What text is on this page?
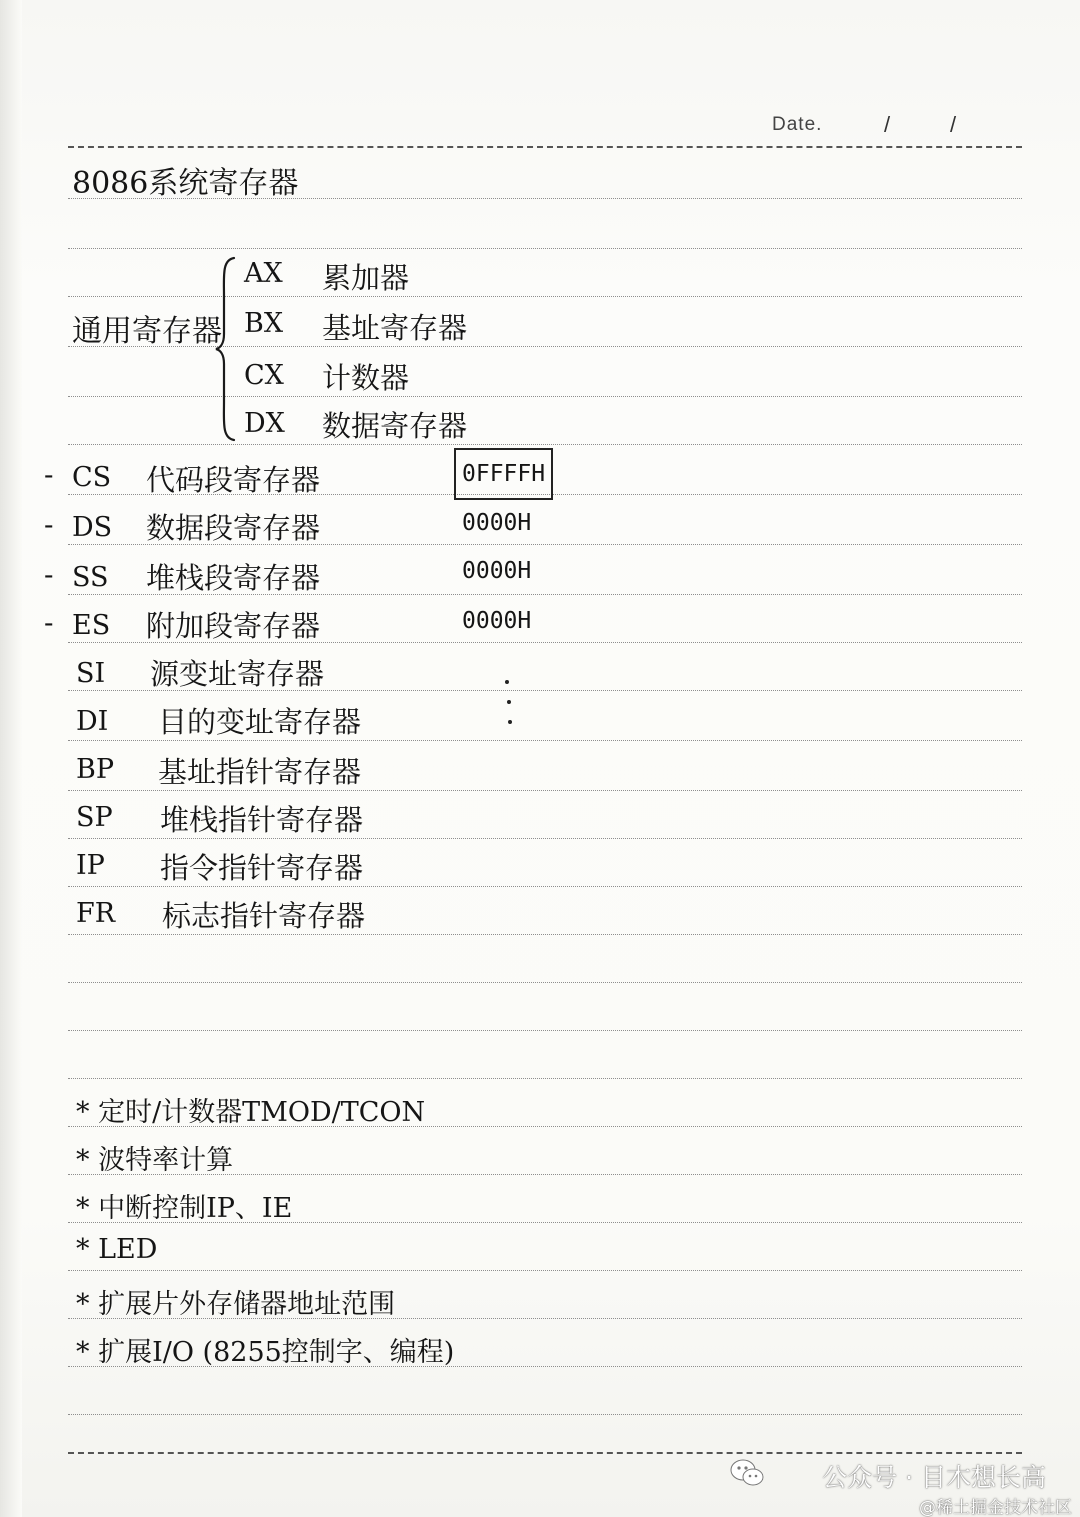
Date.	/	/
8086系统寄存器
通用寄存器
AX 累加器
BX 基址寄存器
CX 计数器
DX 数据寄存器
- CS 代码段寄存器	0FFFFH
- DS 数据段寄存器	0000H
- SS 堆栈段寄存器	0000H
- ES 附加段寄存器	0000H
SI 源变址寄存器
DI 目的变址寄存器
BP 基址指针寄存器
SP 堆栈指针寄存器
IP 指令指针寄存器
FR 标志指针寄存器
* 定时/计数器TMOD/TCON
* 波特率计算
* 中断控制IP、IE
* LED
* 扩展片外存储器地址范围
* 扩展I/O (8255控制字、编程)
公众号 · 目木想长高
@稀土掘金技术社区
